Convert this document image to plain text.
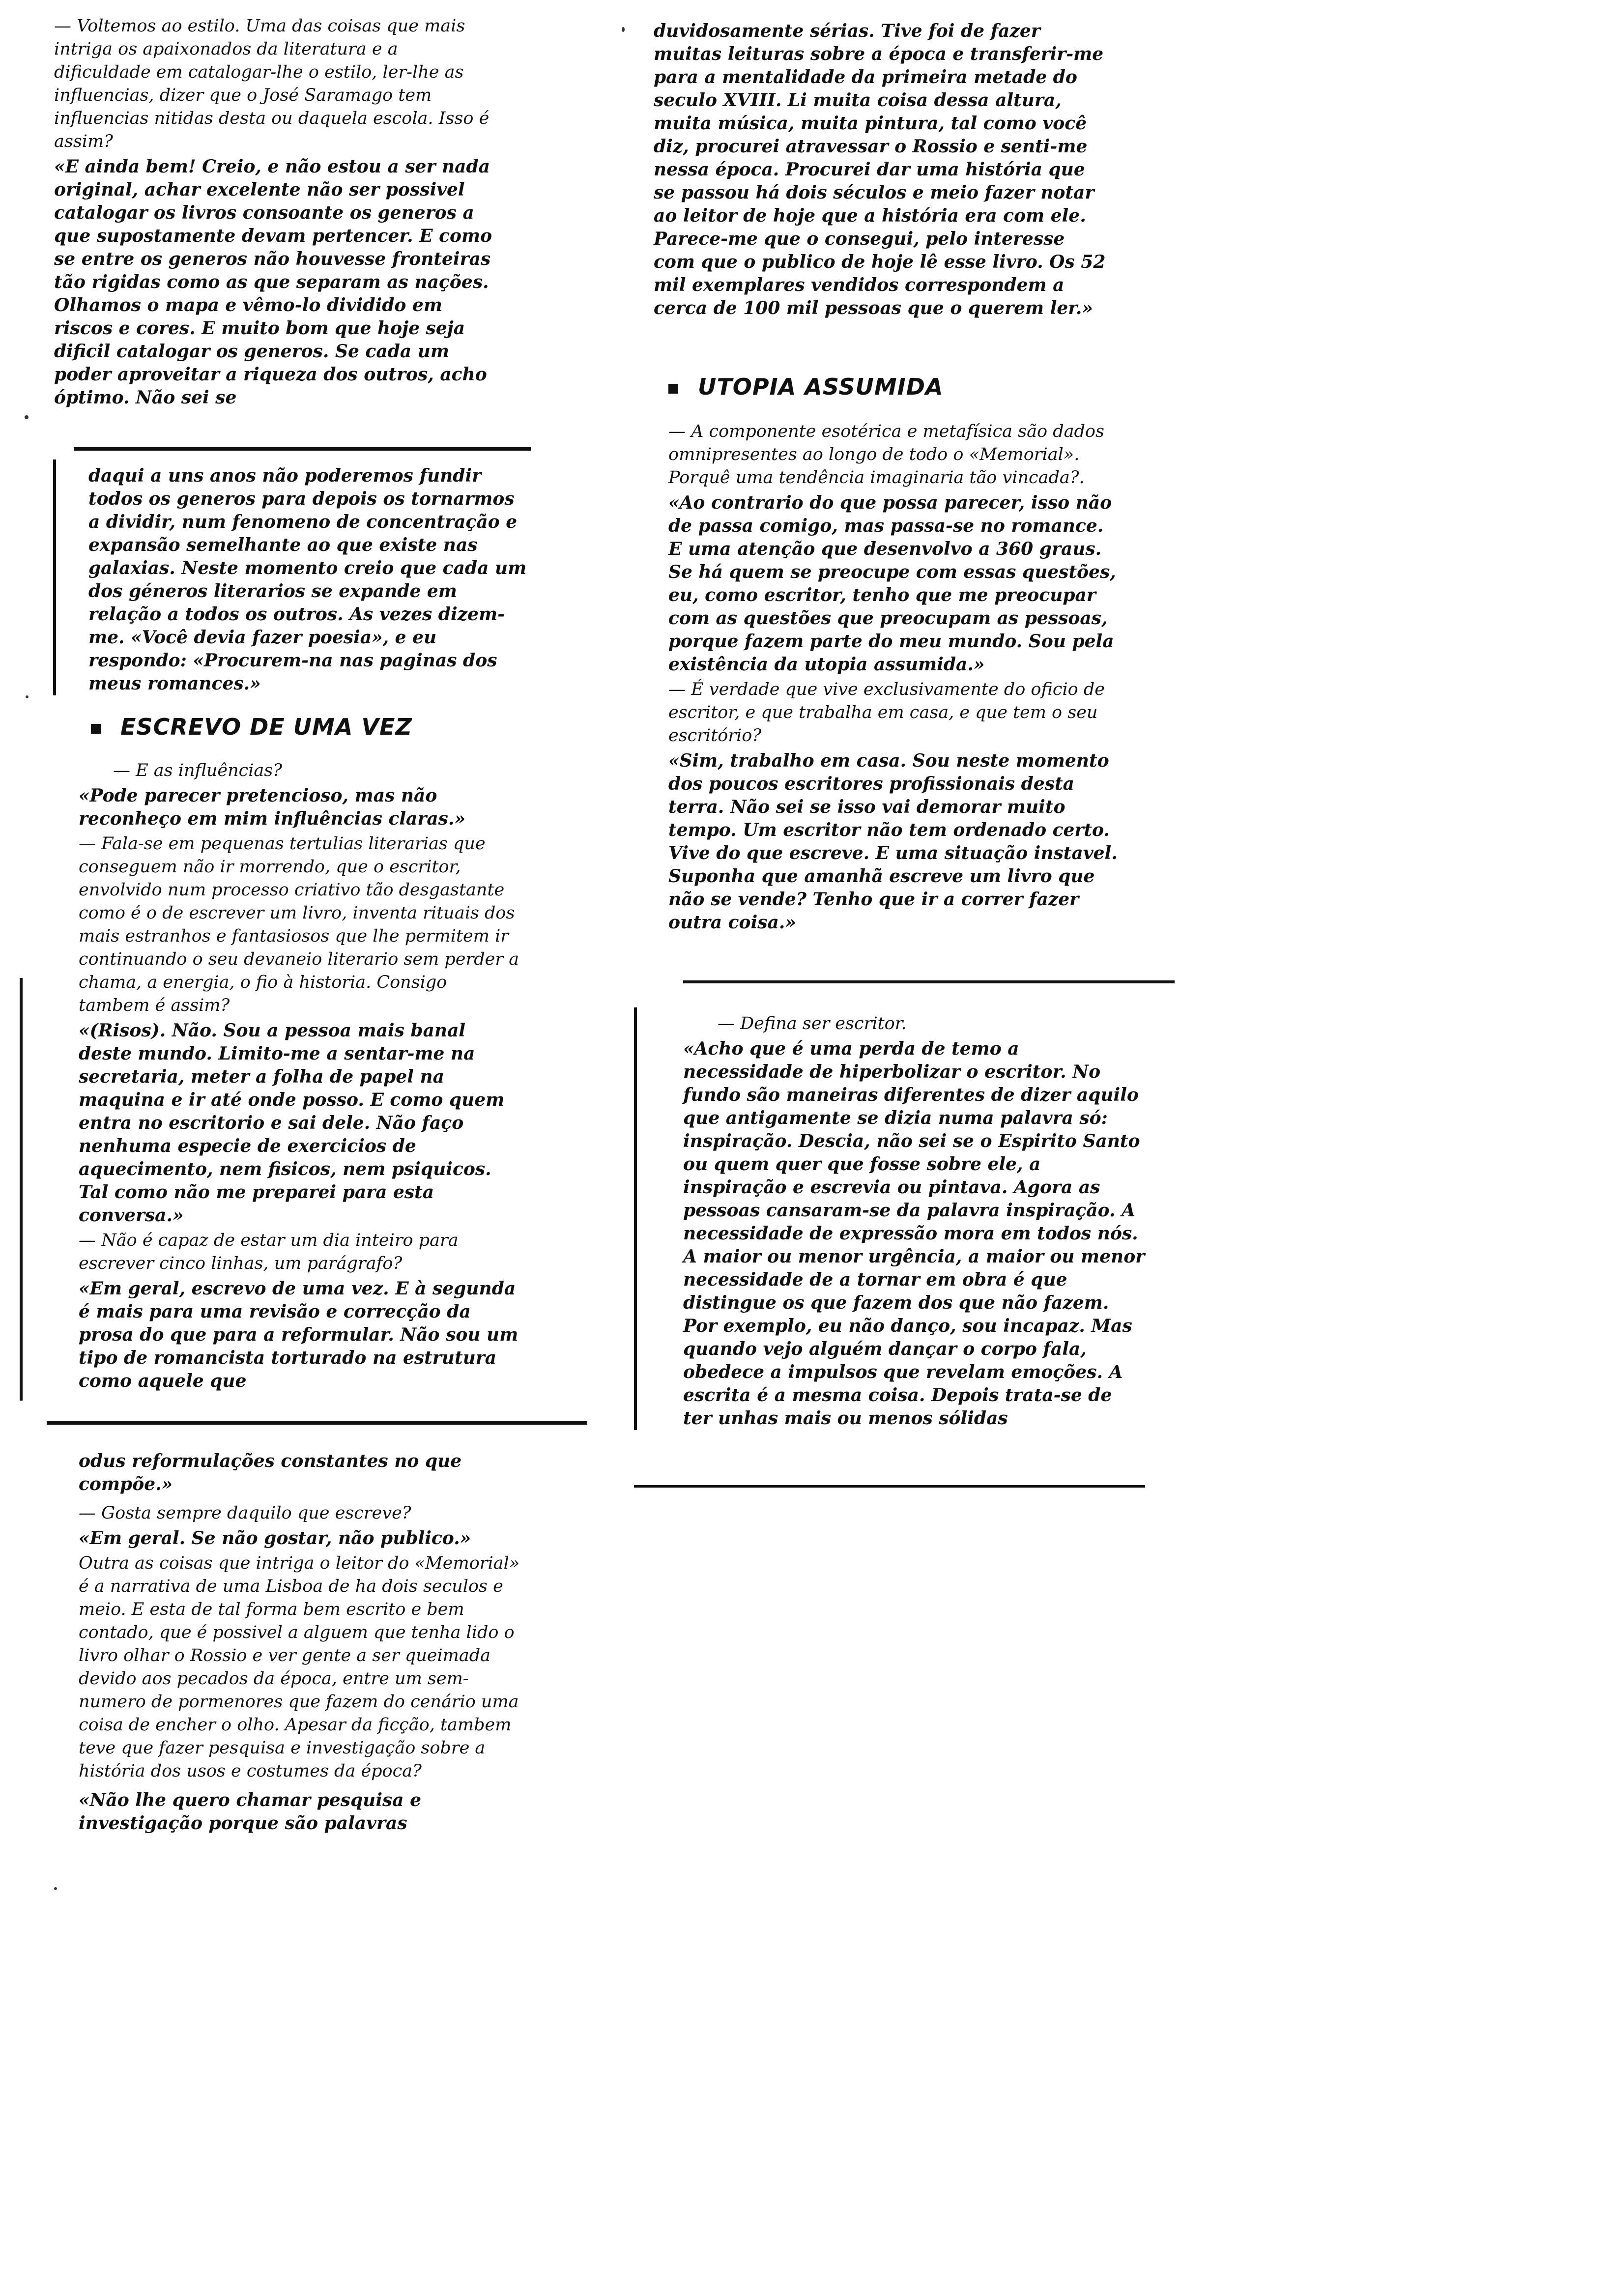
— Voltemos ao estilo. Uma das coisas que mais intriga os apaixonados da literatura e a dificuldade em catalogar-lhe o estilo, ler-lhe as influencias, dizer que o José Saramago tem influencias nitidas desta ou daquela escola. Isso é assim?

«E ainda bem! Creio, e não estou a ser nada original, achar excelente não ser possivel catalogar os livros consoante os generos a que supostamente devam pertencer. E como se entre os generos não houvesse fronteiras tão rigidas como as que separam as nações. Olhamos o mapa e vêmo-lo dividido em riscos e cores. E muito bom que hoje seja dificil catalogar os generos. Se cada um poder aproveitar a riqueza dos outros, acho óptimo. Não sei se

daqui a uns anos não poderemos fundir todos os generos para depois os tornarmos a dividir, num fenomeno de concentração e expansão semelhante ao que existe nas galaxias. Neste momento creio que cada um dos géneros literarios se expande em relação a todos os outros. As vezes dizem-me. «Você devia fazer poesia», e eu respondo: «Procurem-na nas paginas dos meus romances.»

ESCREVO DE UMA VEZ

— E as influências?

«Pode parecer pretencioso, mas não reconheço em mim influências claras.»

— Fala-se em pequenas tertulias literarias que conseguem não ir morrendo, que o escritor, envolvido num processo criativo tão desgastante como é o de escrever um livro, inventa rituais dos mais estranhos e fantasiosos que lhe permitem ir continuando o seu devaneio literario sem perder a chama, a energia, o fio à historia. Consigo tambem é assim?

«(Risos). Não. Sou a pessoa mais banal deste mundo. Limito-me a sentar-me na secretaria, meter a folha de papel na maquina e ir até onde posso. E como quem entra no escritorio e sai dele. Não faço nenhuma especie de exercicios de aquecimento, nem fisicos, nem psiquicos. Tal como não me preparei para esta conversa.»

— Não é capaz de estar um dia inteiro para escrever cinco linhas, um parágrafo?

«Em geral, escrevo de uma vez. E à segunda é mais para uma revisão e correcção da prosa do que para a reformular. Não sou um tipo de romancista torturado na estrutura como aquele que

odus reformulações constantes no que compõe.»

— Gosta sempre daquilo que escreve?

«Em geral. Se não gostar, não publico.»

Outra as coisas que intriga o leitor do «Memorial» é a narrativa de uma Lisboa de ha dois seculos e meio. E esta de tal forma bem escrito e bem contado, que é possivel a alguem que tenha lido o livro olhar o Rossio e ver gente a ser queimada devido aos pecados da época, entre um sem-numero de pormenores que fazem do cenário uma coisa de encher o olho. Apesar da ficção, tambem teve que fazer pesquisa e investigação sobre a história dos usos e costumes da época?

«Não lhe quero chamar pesquisa e investigação porque são palavras

duvidosamente sérias. Tive foi de fazer muitas leituras sobre a época e transferir-me para a mentalidade da primeira metade do seculo XVIII. Li muita coisa dessa altura, muita música, muita pintura, tal como você diz, procurei atravessar o Rossio e senti-me nessa época. Procurei dar uma história que se passou há dois séculos e meio fazer notar ao leitor de hoje que a história era com ele. Parece-me que o consegui, pelo interesse com que o publico de hoje lê esse livro. Os 52 mil exemplares vendidos correspondem a cerca de 100 mil pessoas que o querem ler.»

UTOPIA ASSUMIDA

— A componente esotérica e metafísica são dados omnipresentes ao longo de todo o «Memorial». Porquê uma tendência imaginaria tão vincada?.

«Ao contrario do que possa parecer, isso não de passa comigo, mas passa-se no romance. E uma atenção que desenvolvo a 360 graus. Se há quem se preocupe com essas questões, eu, como escritor, tenho que me preocupar com as questões que preocupam as pessoas, porque fazem parte do meu mundo. Sou pela existência da utopia assumida.»

— É verdade que vive exclusivamente do oficio de escritor, e que trabalha em casa, e que tem o seu escritório?

«Sim, trabalho em casa. Sou neste momento dos poucos escritores profissionais desta terra. Não sei se isso vai demorar muito tempo. Um escritor não tem ordenado certo. Vive do que escreve. E uma situação instavel. Suponha que amanhã escreve um livro que não se vende? Tenho que ir a correr fazer outra coisa.»

— Defina ser escritor.

«Acho que é uma perda de temo a necessidade de hiperbolizar o escritor. No fundo são maneiras diferentes de dizer aquilo que antigamente se dizia numa palavra só: inspiração. Descia, não sei se o Espirito Santo ou quem quer que fosse sobre ele, a inspiração e escrevia ou pintava. Agora as pessoas cansaram-se da palavra inspiração. A necessidade de expressão mora em todos nós. A maior ou menor urgência, a maior ou menor necessidade de a tornar em obra é que distingue os que fazem dos que não fazem. Por exemplo, eu não danço, sou incapaz. Mas quando vejo alguém dançar o corpo fala, obedece a impulsos que revelam emoções. A escrita é a mesma coisa. Depois trata-se de ter unhas mais ou menos sólidas
